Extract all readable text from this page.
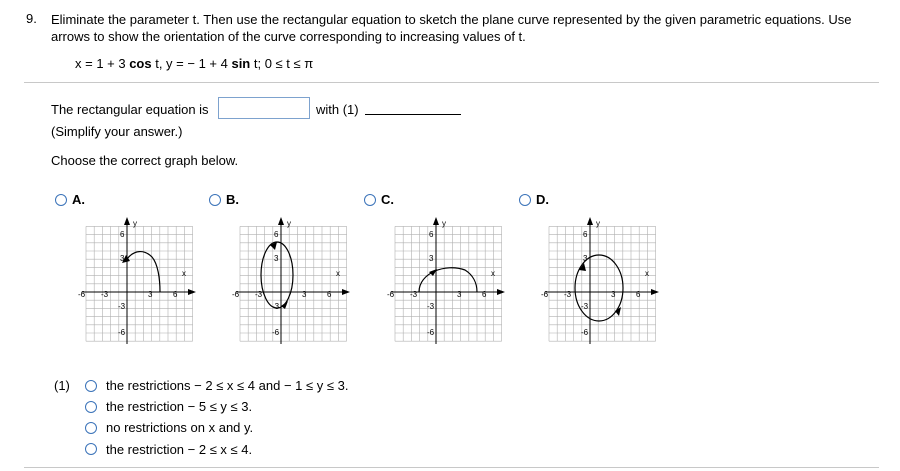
9. Eliminate the parameter t. Then use the rectangular equation to sketch the plane curve represented by the given parametric equations. Use arrows to show the orientation of the curve corresponding to increasing values of t.
x = 1 + 3 cos t, y = − 1 + 4 sin t; 0 ≤ t ≤ π
The rectangular equation is	with (1)
(Simplify your answer.)
Choose the correct graph below.
A.	B.	C.	D.
x
y
6
3
-3
-6
-6 -3	3	6
x
y
6
3
-3
-6
-6 -3	3	6
x
y
6
3
-3
-6
-6 -3	3	6
x
y
6
3
-3
-6
-6 -3	3	6
(1)	the restrictions − 2 ≤ x ≤ 4 and − 1 ≤ y ≤ 3.
the restriction − 5 ≤ y ≤ 3.
no restrictions on x and y.
the restriction − 2 ≤ x ≤ 4.
